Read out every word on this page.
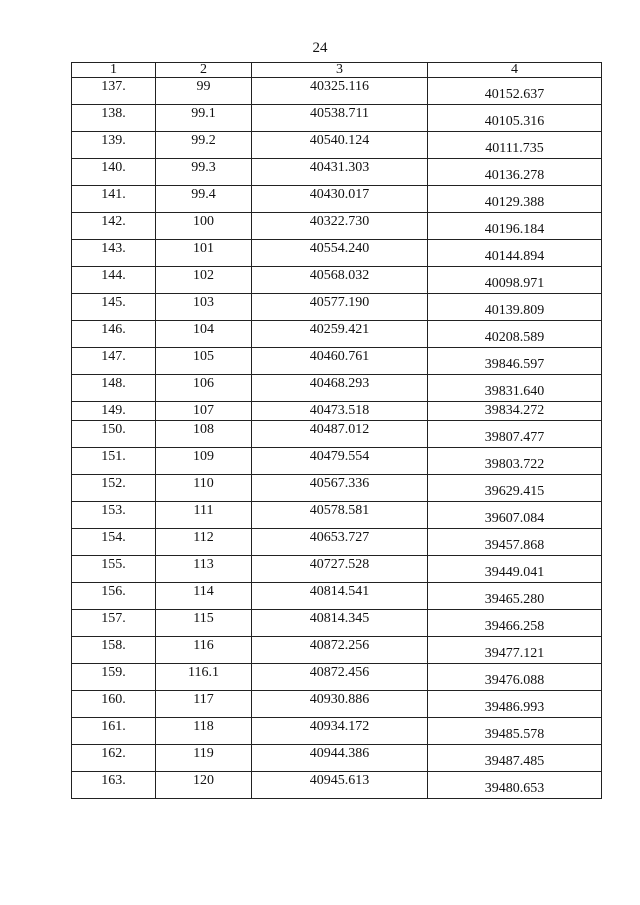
24
1	2	3	4
137.	99	40325.116	40152.637
138.	99.1	40538.711	40105.316
139.	99.2	40540.124	40111.735
140.	99.3	40431.303	40136.278
141.	99.4	40430.017	40129.388
142.	100	40322.730	40196.184
143.	101	40554.240	40144.894
144.	102	40568.032	40098.971
145.	103	40577.190	40139.809
146.	104	40259.421	40208.589
147.	105	40460.761	39846.597
148.	106	40468.293	39831.640
149.	107	40473.518	39834.272
150.	108	40487.012	39807.477
151.	109	40479.554	39803.722
152.	110	40567.336	39629.415
153.	111	40578.581	39607.084
154.	112	40653.727	39457.868
155.	113	40727.528	39449.041
156.	114	40814.541	39465.280
157.	115	40814.345	39466.258
158.	116	40872.256	39477.121
159.	116.1	40872.456	39476.088
160.	117	40930.886	39486.993
161.	118	40934.172	39485.578
162.	119	40944.386	39487.485
163.	120	40945.613	39480.653
